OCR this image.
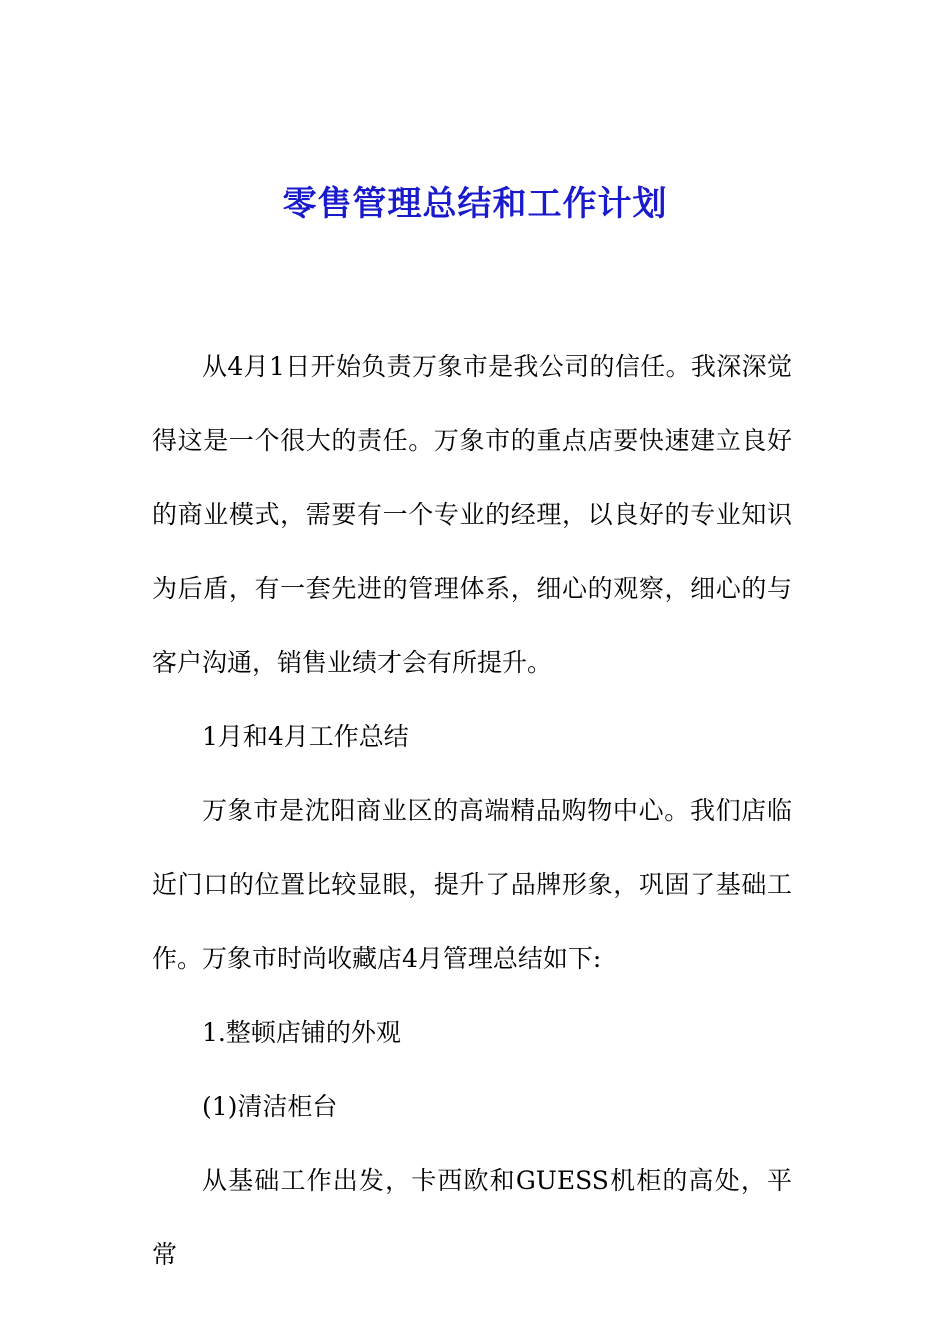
零售管理总结和工作计划

从4月1日开始负责万象市是我公司的信任。我深深觉得这是一个很大的责任。万象市的重点店要快速建立良好的商业模式，需要有一个专业的经理，以良好的专业知识为后盾，有一套先进的管理体系，细心的观察，细心的与客户沟通，销售业绩才会有所提升。

1月和4月工作总结

万象市是沈阳商业区的高端精品购物中心。我们店临近门口的位置比较显眼，提升了品牌形象，巩固了基础工作。万象市时尚收藏店4月管理总结如下:

1.整顿店铺的外观

(1)清洁柜台

从基础工作出发，卡西欧和GUESS机柜的高处，平常
